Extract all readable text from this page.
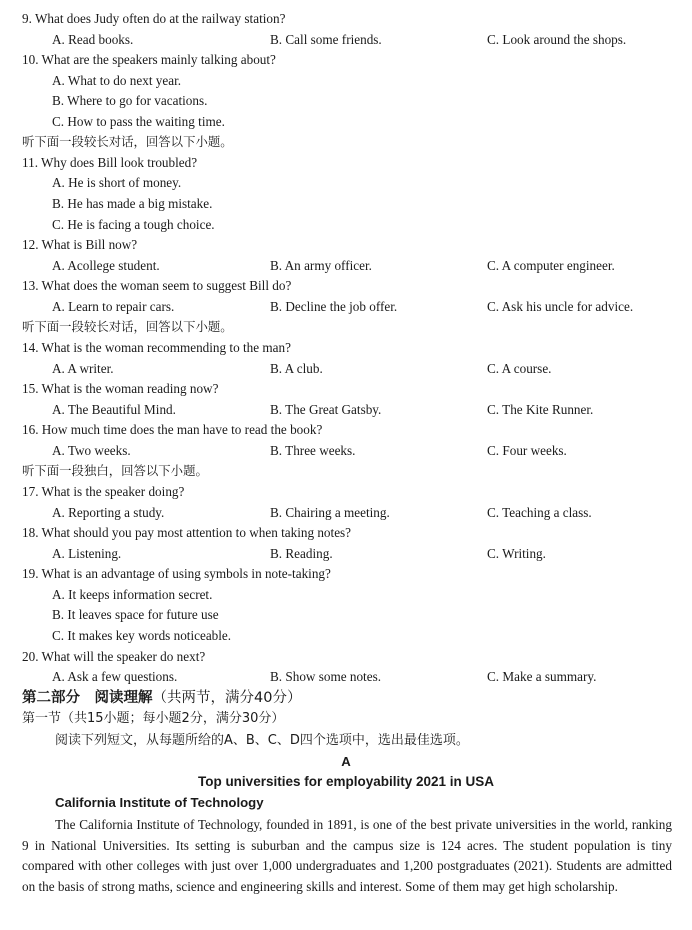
9. What does Judy often do at the railway station?
A. Read books.	B. Call some friends.	C. Look around the shops.
10. What are the speakers mainly talking about?
A. What to do next year.
B. Where to go for vacations.
C. How to pass the waiting time.
听下面一段较长对话，回答以下小题。
11. Why does Bill look troubled?
A. He is short of money.
B. He has made a big mistake.
C. He is facing a tough choice.
12. What is Bill now?
A. Acollege student.	B. An army officer.	C. A computer engineer.
13. What does the woman seem to suggest Bill do?
A. Learn to repair cars.	B. Decline the job offer.	C. Ask his uncle for advice.
听下面一段较长对话，回答以下小题。
14. What is the woman recommending to the man?
A. A writer.	B. A club.	C. A course.
15. What is the woman reading now?
A. The Beautiful Mind.	B. The Great Gatsby.	C. The Kite Runner.
16. How much time does the man have to read the book?
A. Two weeks.	B. Three weeks.	C. Four weeks.
听下面一段独白，回答以下小题。
17. What is the speaker doing?
A. Reporting a study.	B. Chairing a meeting.	C. Teaching a class.
18. What should you pay most attention to when taking notes?
A. Listening.	B. Reading.	C. Writing.
19. What is an advantage of using symbols in note-taking?
A. It keeps information secret.
B. It leaves space for future use
C. It makes key words noticeable.
20. What will the speaker do next?
A. Ask a few questions.	B. Show some notes.	C. Make a summary.
第二部分　阅读理解（共两节，满分40分）
第一节（共15小题；每小题2分，满分30分）
阅读下列短文，从每题所给的A、B、C、D四个选项中，选出最佳选项。
A
Top universities for employability 2021 in USA
California Institute of Technology
The California Institute of Technology, founded in 1891, is one of the best private universities in the world, ranking 9 in National Universities. Its setting is suburban and the campus size is 124 acres. The student population is tiny compared with other colleges with just over 1,000 undergraduates and 1,200 postgraduates (2021). Students are admitted on the basis of strong maths, science and engineering skills and interest. Some of them may get high scholarship.
